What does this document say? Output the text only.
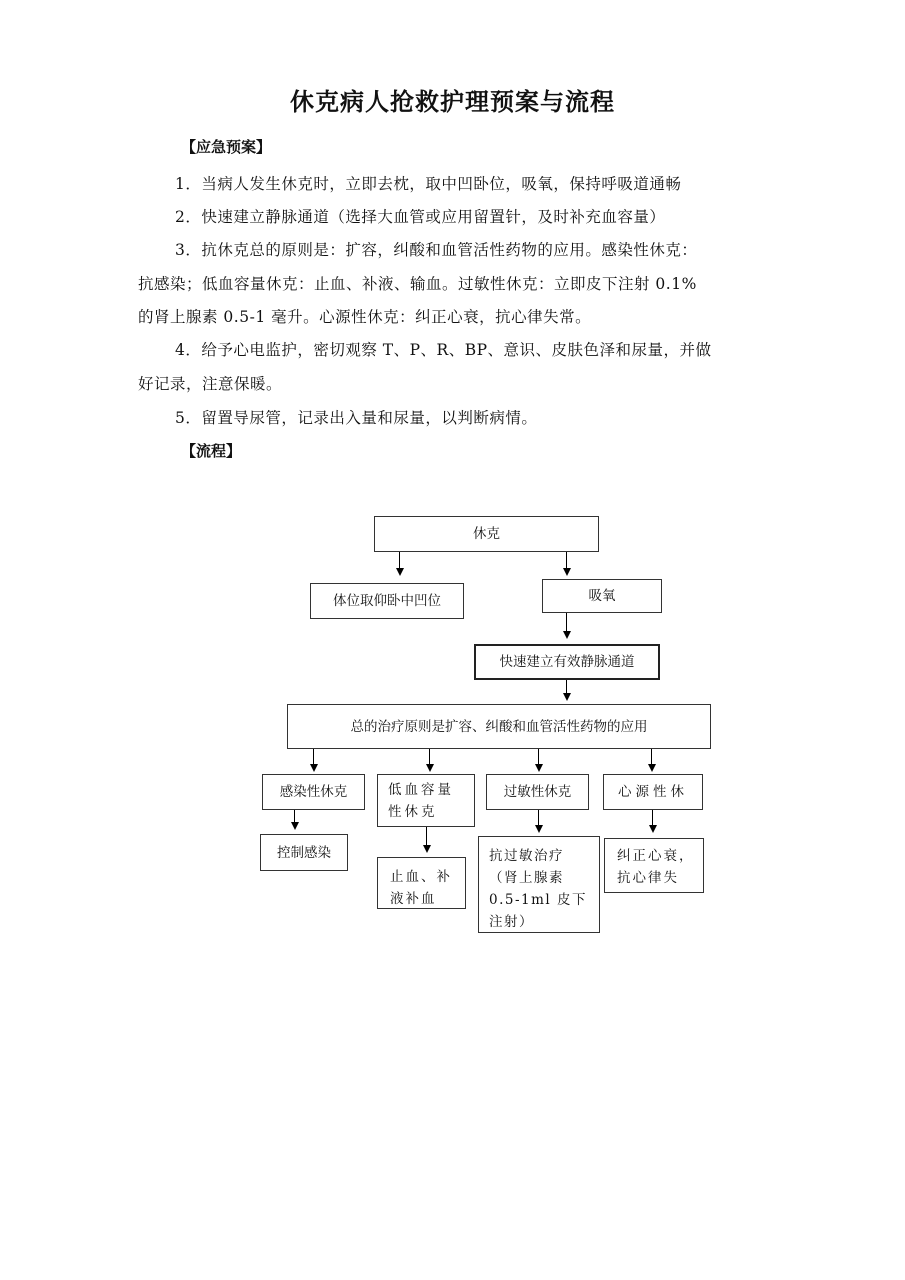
休克病人抢救护理预案与流程
【应急预案】
1．当病人发生休克时，立即去枕，取中凹卧位，吸氧，保持呼吸道通畅
2．快速建立静脉通道（选择大血管或应用留置针，及时补充血容量）
3．抗休克总的原则是：扩容，纠酸和血管活性药物的应用。感染性休克：
抗感染；低血容量休克：止血、补液、输血。过敏性休克：立即皮下注射 0.1%
的肾上腺素 0.5-1 毫升。心源性休克：纠正心衰，抗心律失常。
4．给予心电监护，密切观察 T、P、R、BP、意识、皮肤色泽和尿量，并做
好记录，注意保暖。
5．留置导尿管，记录出入量和尿量，以判断病情。
【流程】
休克
体位取仰卧中凹位	吸氧
快速建立有效静脉通道
总的治疗原则是扩容、纠酸和血管活性药物的应用
感染性休克	低血容量性休克
过敏性休克	心源性休
控制感染
止血、补液补血
抗过敏治疗（肾上腺素 0.5-1ml 皮下注射）
纠正心衰，抗心律失
